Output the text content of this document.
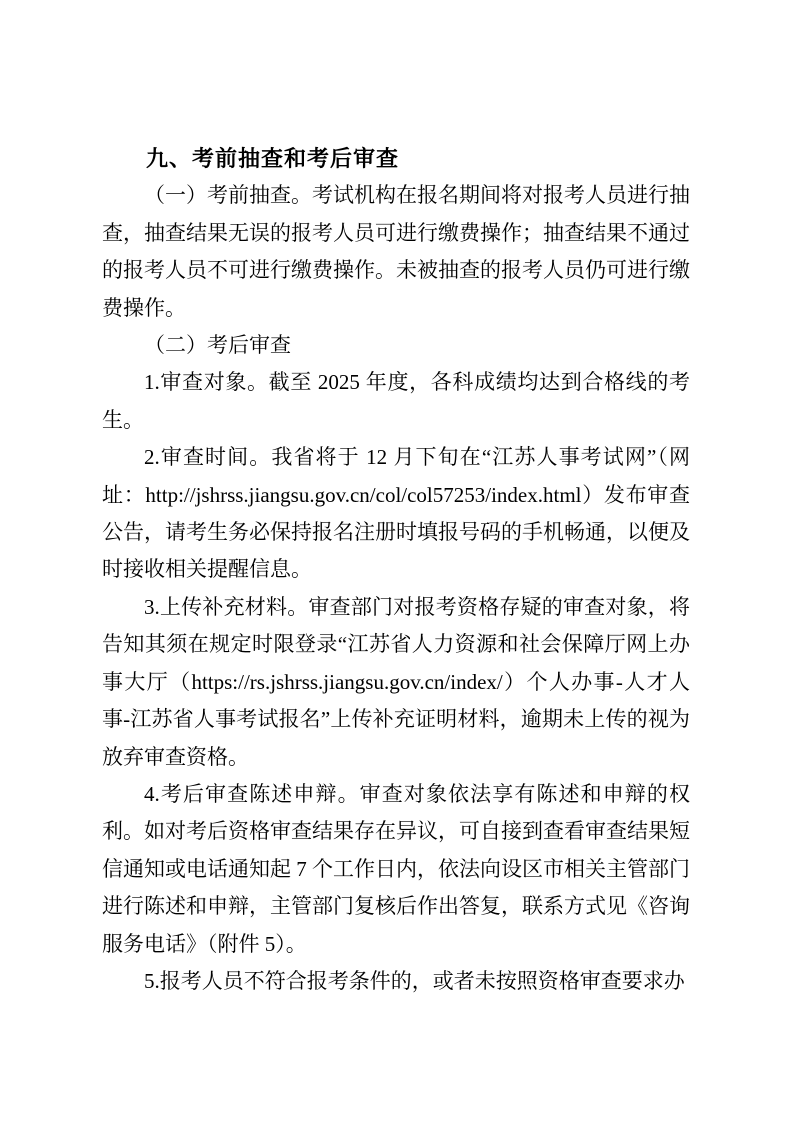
九、考前抽查和考后审查

（一）考前抽查。考试机构在报名期间将对报考人员进行抽查，抽查结果无误的报考人员可进行缴费操作；抽查结果不通过的报考人员不可进行缴费操作。未被抽查的报考人员仍可进行缴费操作。

（二）考后审查

1.审查对象。截至 2025 年度，各科成绩均达到合格线的考生。

2.审查时间。我省将于 12 月下旬在“江苏人事考试网”（网址：http://jshrss.jiangsu.gov.cn/col/col57253/index.html）发布审查公告，请考生务必保持报名注册时填报号码的手机畅通，以便及时接收相关提醒信息。

3.上传补充材料。审查部门对报考资格存疑的审查对象，将告知其须在规定时限登录“江苏省人力资源和社会保障厅网上办事大厅（https://rs.jshrss.jiangsu.gov.cn/index/）个人办事-人才人事-江苏省人事考试报名”上传补充证明材料，逾期未上传的视为放弃审查资格。

4.考后审查陈述申辩。审查对象依法享有陈述和申辩的权利。如对考后资格审查结果存在异议，可自接到查看审查结果短信通知或电话通知起 7 个工作日内，依法向设区市相关主管部门进行陈述和申辩，主管部门复核后作出答复，联系方式见《咨询服务电话》（附件 5）。

5.报考人员不符合报考条件的，或者未按照资格审查要求办
